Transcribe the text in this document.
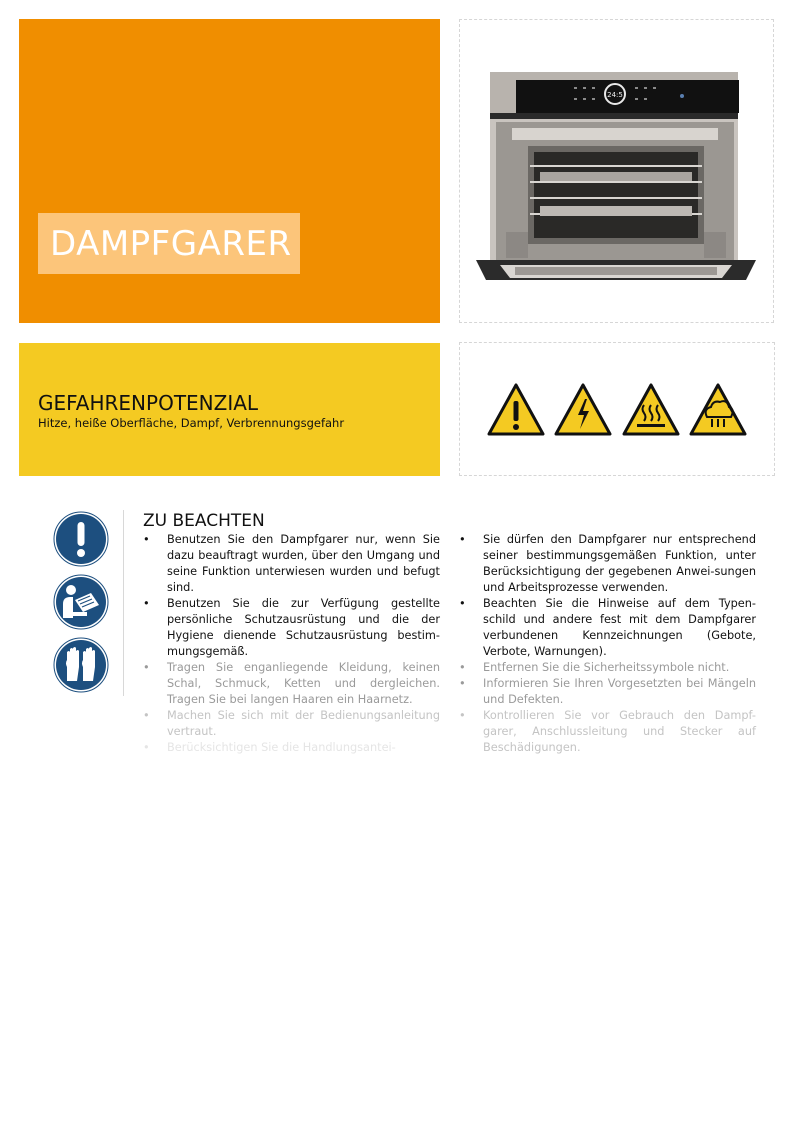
DAMPFGARER
24:5
GEFAHRENPOTENZIAL
Hitze, heiße Oberfläche, Dampf, Verbrennungsgefahr
ZU BEACHTEN
• Benutzen Sie den Dampfgarer nur, wenn Sie dazu beauftragt wurden, über den Umgang und seine Funktion unterwiesen wurden und befugt sind.
• Benutzen Sie die zur Verfügung gestellte persönliche Schutzausrüstung und die der Hygiene dienende Schutzausrüstung bestim-mungsgemäß.
• Tragen Sie enganliegende Kleidung, keinen Schal, Schmuck, Ketten und dergleichen. Tragen Sie bei langen Haaren ein Haarnetz.
• Machen Sie sich mit der Bedienungsanleitung vertraut.
• Berücksichtigen Sie die Handlungsantei-
• Sie dürfen den Dampfgarer nur entsprechend seiner bestimmungsgemäßen Funktion, unter Berücksichtigung der gegebenen Anwei-sungen und Arbeitsprozesse verwenden.
• Beachten Sie die Hinweise auf dem Typen-schild und andere fest mit dem Dampfgarer verbundenen Kennzeichnungen (Gebote, Verbote, Warnungen).
• Entfernen Sie die Sicherheitssymbole nicht.
• Informieren Sie Ihren Vorgesetzten bei Mängeln und Defekten.
• Kontrollieren Sie vor Gebrauch den Dampf-garer, Anschlussleitung und Stecker auf Beschädigungen.
